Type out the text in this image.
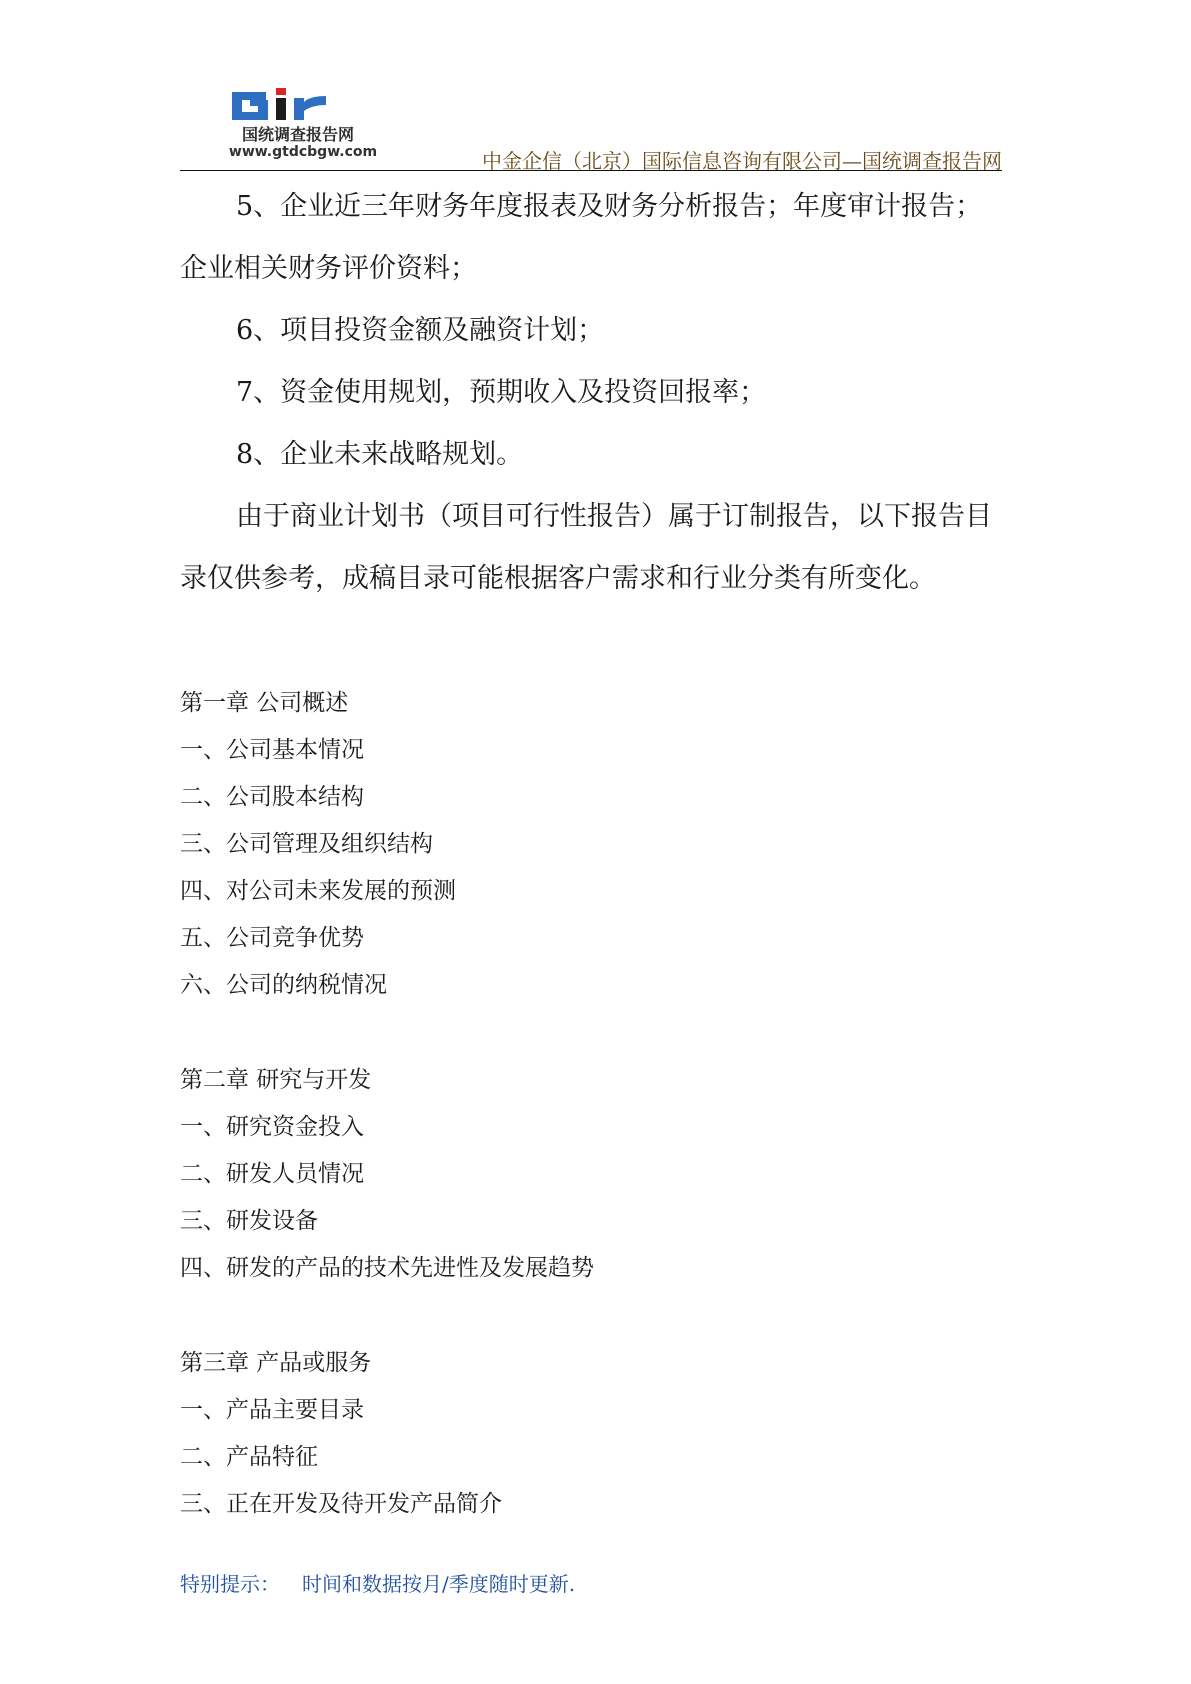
国统调查报告网
www.gtdcbgw.com	中金企信（北京）国际信息咨询有限公司—国统调查报告网

5、企业近三年财务年度报表及财务分析报告；年度审计报告；

企业相关财务评价资料；

6、项目投资金额及融资计划；

7、资金使用规划，预期收入及投资回报率；

8、企业未来战略规划。

由于商业计划书（项目可行性报告）属于订制报告，以下报告目

录仅供参考，成稿目录可能根据客户需求和行业分类有所变化。

第一章 公司概述

一、公司基本情况

二、公司股本结构

三、公司管理及组织结构

四、对公司未来发展的预测

五、公司竞争优势

六、公司的纳税情况

第二章 研究与开发

一、研究资金投入

二、研发人员情况

三、研发设备

四、研发的产品的技术先进性及发展趋势

第三章 产品或服务

一、产品主要目录

二、产品特征

三、正在开发及待开发产品简介

特别提示： 时间和数据按月/季度随时更新.
